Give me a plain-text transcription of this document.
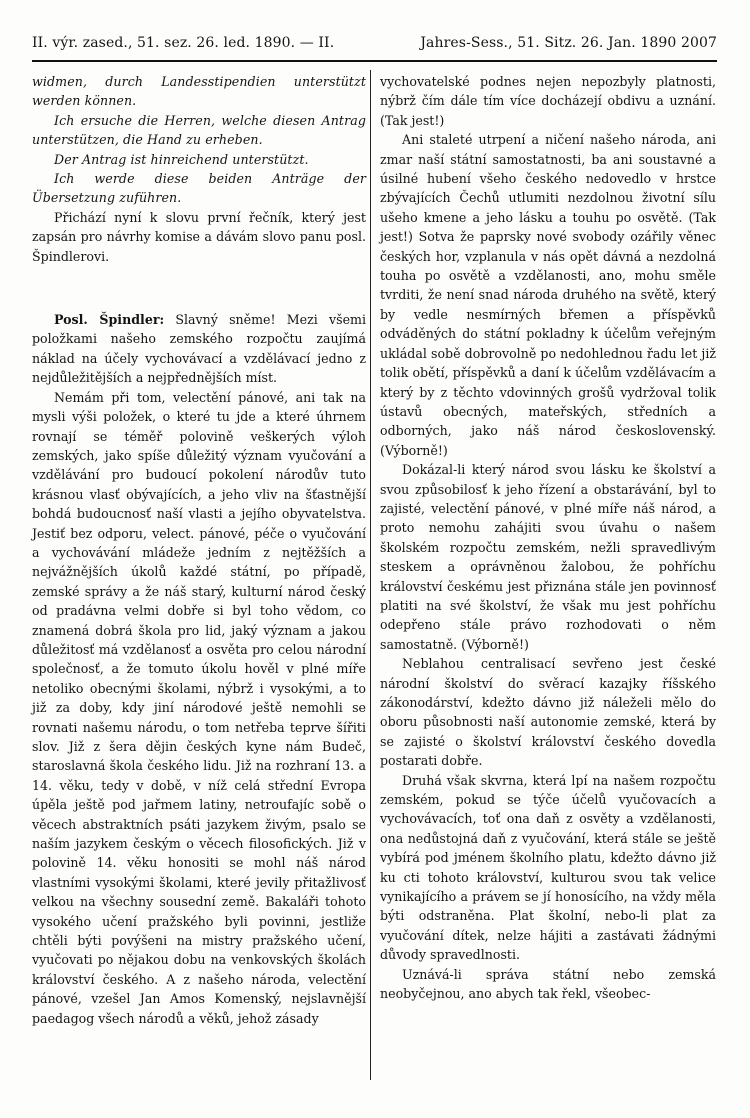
II. výr. zased., 51. sez. 26. led. 1890. — II.	Jahres-Sess., 51. Sitz. 26. Jan. 1890 2007

widmen, durch Landesstipendien unterstützt werden können.

Ich ersuche die Herren, welche diesen Antrag unterstützen, die Hand zu erheben.

Der Antrag ist hinreichend unterstützt.

Ich werde diese beiden Anträge der Übersetzung zuführen.

Přichází nyní k slovu první řečník, který jest zapsán pro návrhy komise a dávám slovo panu posl. Špindlerovi.

Posl. Špindler: Slavný sněme! Mezi všemi položkami našeho zemského rozpočtu zaujímá náklad na účely vychovávací a vzdělávací jedno z nejdůležitějších a nejpřednějších míst.

Nemám při tom, velectění pánové, ani tak na mysli výši položek, o které tu jde a které úhrnem rovnají se téměř polovině veškerých výloh zemských, jako spíše důležitý význam vyučování a vzdělávání pro budoucí pokolení národův tuto krásnou vlasť obývajících, a jeho vliv na šťastnější bohdá budoucnosť naší vlasti a jejího obyvatelstva. Jestiť bez odporu, velect. pánové, péče o vyučování a vychovávání mládeže jedním z nejtěžších a nejvážnějších úkolů každé státní, po případě, zemské správy a že náš starý, kulturní národ český od pradávna velmi dobře si byl toho vědom, co znamená dobrá škola pro lid, jaký význam a jakou důležitosť má vzdělanosť a osvěta pro celou národní společnosť, a že tomuto úkolu hověl v plné míře netoliko obecnými školami, nýbrž i vysokými, a to již za doby, kdy jiní národové ještě nemohli se rovnati našemu národu, o tom netřeba teprve šířiti slov. Již z šera dějin českých kyne nám Budeč, staroslavná škola českého lidu. Již na rozhraní 13. a 14. věku, tedy v době, v níž celá střední Evropa úpěla ještě pod jařmem latiny, netroufajíc sobě o věcech abstraktních psáti jazykem živým, psalo se naším jazykem českým o věcech filosofických. Již v polovině 14. věku honositi se mohl náš národ vlastními vysokými školami, které jevily přitažlivosť velkou na všechny sousední země. Bakaláři tohoto vysokého učení pražského byli povinni, jestliže chtěli býti povýšeni na mistry pražského učení, vyučovati po nějakou dobu na venkovských školách království českého. A z našeho národa, velectění pánové, vzešel Jan Amos Komenský, nejslavnější paedagog všech národů a věků, jehož zásady

vychovatelské podnes nejen nepozbyly platnosti, nýbrž čím dále tím více docházejí obdivu a uznání. (Tak jest!)

Ani staleté utrpení a ničení našeho národa, ani zmar naší státní samostatnosti, ba ani soustavné a úsilné hubení všeho českého nedovedlo v hrstce zbývajících Čechů utlumiti nezdolnou životní sílu ušeho kmene a jeho lásku a touhu po osvětě. (Tak jest!) Sotva že paprsky nové svobody ozářily věnec českých hor, vzplanula v nás opět dávná a nezdolná touha po osvětě a vzdělanosti, ano, mohu směle tvrditi, že není snad národa druhého na světě, který by vedle nesmírných břemen a příspěvků odváděných do státní pokladny k účelům veřejným ukládal sobě dobrovolně po nedohlednou řadu let již tolik obětí, příspěvků a daní k účelům vzdělávacím a který by z těchto vdovinných grošů vydržoval tolik ústavů obecných, mateřských, středních a odborných, jako náš národ československý. (Výborně!)

Dokázal-li který národ svou lásku ke školství a svou způsobilosť k jeho řízení a obstarávání, byl to zajisté, velectění pánové, v plné míře náš národ, a proto nemohu zahájiti svou úvahu o našem školském rozpočtu zemském, nežli spravedlivým steskem a oprávněnou žalobou, že pohříchu království českému jest přiznána stále jen povinnosť platiti na své školství, že však mu jest pohříchu odepřeno stále právo rozhodovati o něm samostatně. (Výborně!)

Neblahou centralisací sevřeno jest české národní školství do svěrací kazajky říšského zákonodárství, kdežto dávno již náleželi mělo do oboru působnosti naší autonomie zemské, která by se zajisté o školství království českého dovedla postarati dobře.

Druhá však skvrna, která lpí na našem rozpočtu zemském, pokud se týče účelů vyučovacích a vychovávacích, toť ona daň z osvěty a vzdělanosti, ona nedůstojná daň z vyučování, která stále se ještě vybírá pod jménem školního platu, kdežto dávno již ku cti tohoto království, kulturou svou tak velice vynikajícího a právem se jí honosícího, na vždy měla býti odstraněna. Plat školní, nebo-li plat za vyučování dítek, nelze hájiti a zastávati žádnými důvody spravedlnosti.

Uznává-li správa státní nebo zemská neobyčejnou, ano abych tak řekl, všeobec-
